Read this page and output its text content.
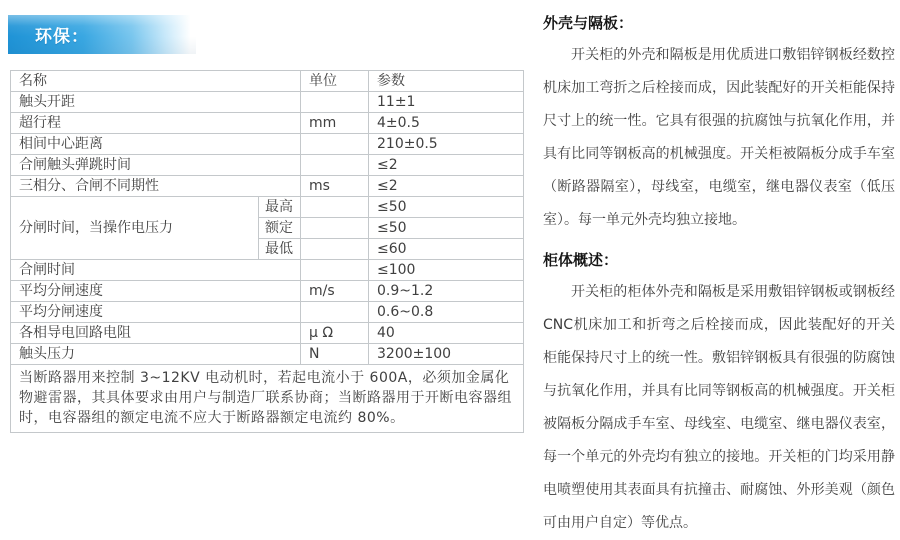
环保：
名称		单位	参数
触头开距			11±1
超行程		mm	4±0.5
相间中心距离			210±0.5
合闸触头弹跳时间			≤2
三相分、合闸不同期性		ms	≤2
分闸时间，当操作电压力	最高		≤50
	额定		≤50
	最低		≤60
合闸时间			≤100
平均分闸速度		m/s	0.9~1.2
平均分闸速度			0.6~0.8
各相导电回路电阻		μ Ω	40
触头压力		N	3200±100
当断路器用来控制 3~12KV 电动机时，若起电流小于 600A，必须加金属化物避雷器，其具体要求由用户与制造厂联系协商；当断路器用于开断电容器组时，电容器组的额定电流不应大于断路器额定电流约 80%。			
外壳与隔板：
开关柜的外壳和隔板是用优质进口敷铝锌钢板经数控机床加工弯折之后栓接而成，因此装配好的开关柜能保持尺寸上的统一性。它具有很强的抗腐蚀与抗氧化作用，并具有比同等钢板高的机械强度。开关柜被隔板分成手车室（断路器隔室），母线室，电缆室，继电器仪表室（低压室）。每一单元外壳均独立接地。
柜体概述：
开关柜的柜体外壳和隔板是采用敷铝锌钢板或钢板经CNC机床加工和折弯之后栓接而成，因此装配好的开关柜能保持尺寸上的统一性。敷铝锌钢板具有很强的防腐蚀与抗氧化作用，并具有比同等钢板高的机械强度。开关柜被隔板分隔成手车室、母线室、电缆室、继电器仪表室，每一个单元的外壳均有独立的接地。开关柜的门均采用静电喷塑使用其表面具有抗撞击、耐腐蚀、外形美观（颜色可由用户自定）等优点。
